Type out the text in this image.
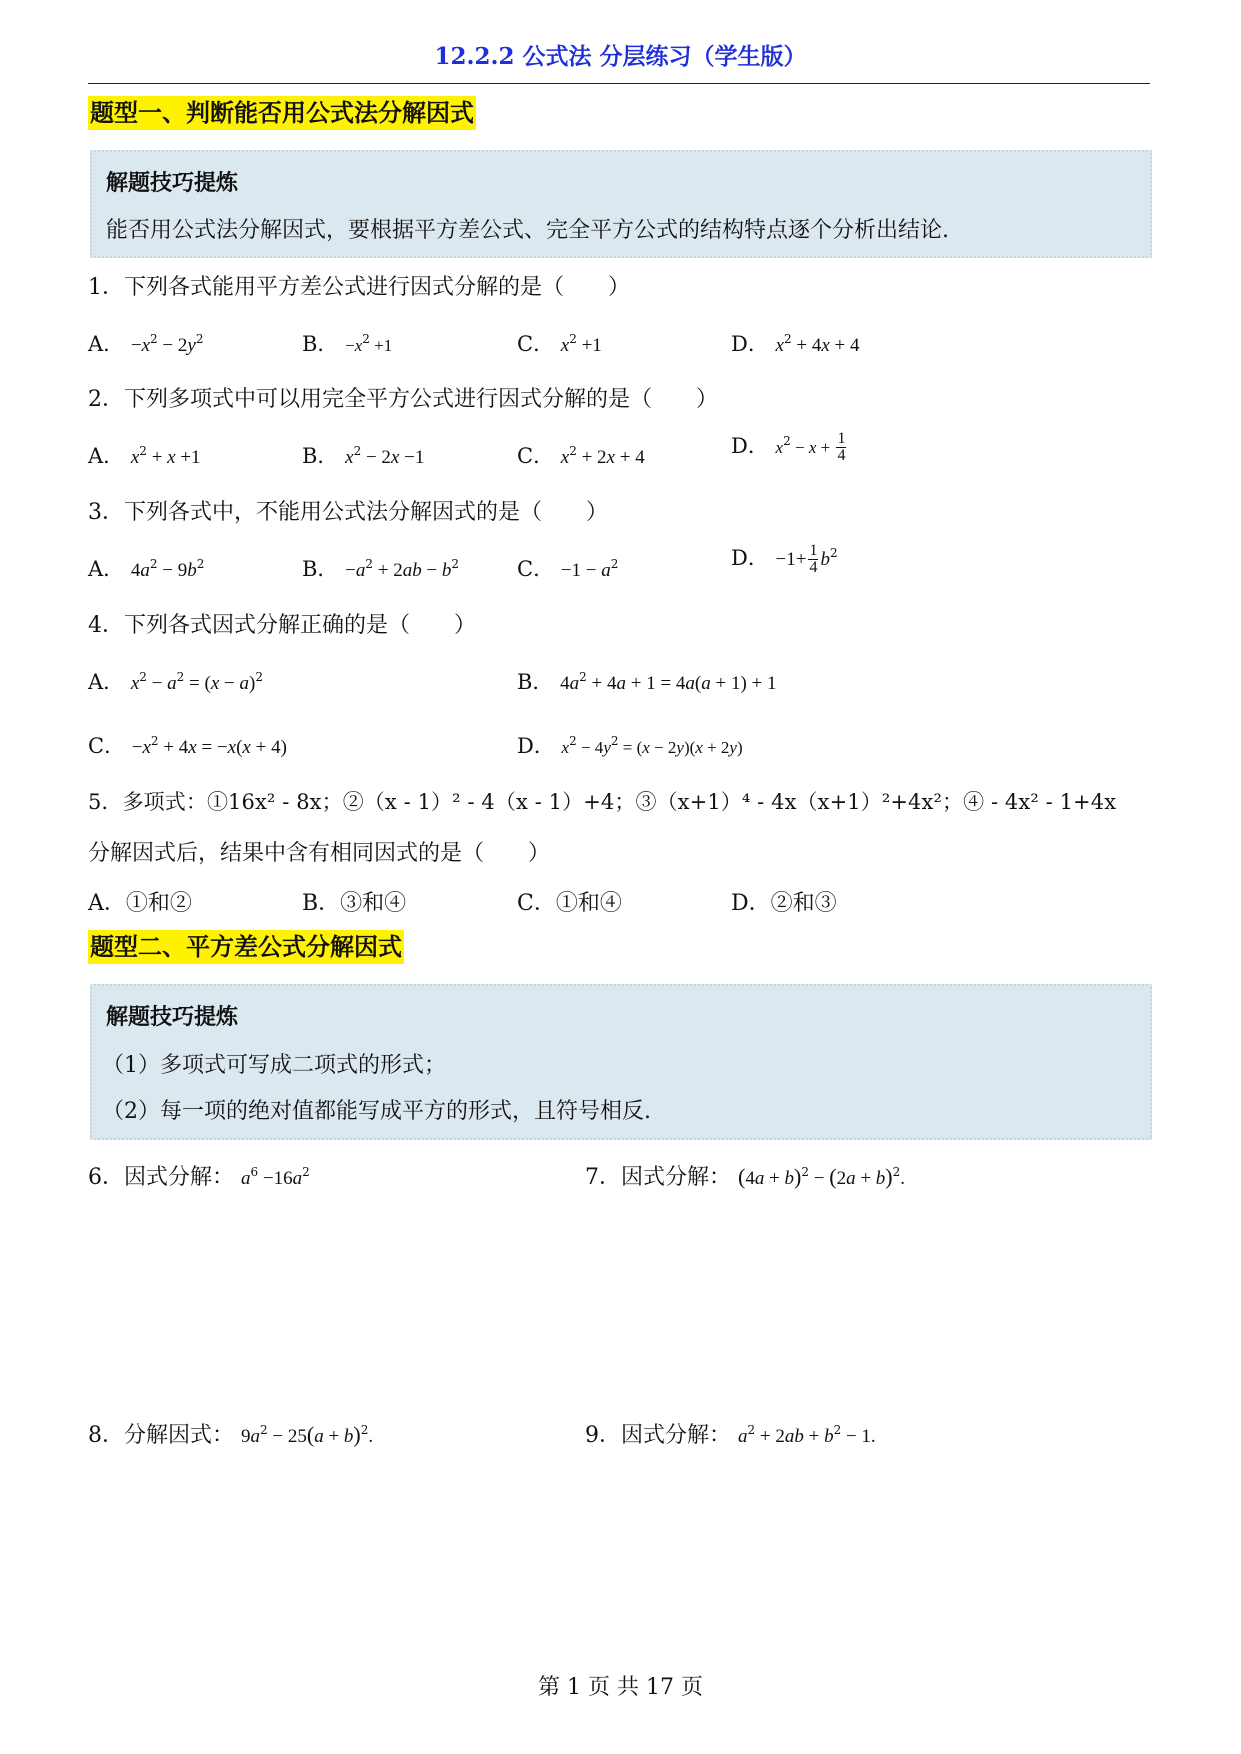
12.2.2 公式法 分层练习（学生版）
题型一、判断能否用公式法分解因式
解题技巧提炼
能否用公式法分解因式，要根据平方差公式、完全平方公式的结构特点逐个分析出结论.
1．下列各式能用平方差公式进行因式分解的是（　　）
A． $-x^2 - 2y^2$	B． $-x^2 +1$	C． $x^2 +1$	D． $x^2 + 4x + 4$
2．下列多项式中可以用完全平方公式进行因式分解的是（　　）
A． $x^2 + x +1$	B． $x^2 - 2x -1$	C． $x^2 + 2x + 4$	D． $x^2 - x + \frac{1}{4}$
3．下列各式中，不能用公式法分解因式的是（　　）
A． $4a^2 - 9b^2$	B． $-a^2 + 2ab - b^2$	C． $-1 - a^2$	D． $-1+ \frac{1}{4} b^2$
4．下列各式因式分解正确的是（　　）
A． $x^2 - a^2 = (x - a)^2$	B． $4a^2 + 4a + 1 = 4a(a + 1) + 1$
C． $-x^2 + 4x = -x(x + 4)$	D． $x^2 - 4y^2 = (x - 2y)(x + 2y)$
5．多项式：①16x² - 8x；②（x - 1）² - 4（x - 1）+4；③（x+1）⁴ - 4x（x+1）²+4x²；④ - 4x² - 1+4x
分解因式后，结果中含有相同因式的是（　　）
A．①和②	B．③和④	C．①和④	D．②和③
题型二、平方差公式分解因式
解题技巧提炼
（1）多项式可写成二项式的形式；
（2）每一项的绝对值都能写成平方的形式，且符号相反.
6．因式分解： $a^6 -16a^2$	7．因式分解： $(4a + b)^2 - (2a + b)^2$.
8．分解因式： $9a^2 - 25(a + b)^2$.	9．因式分解： $a^2 + 2ab + b^2 - 1$.
第 1 页 共 17 页
